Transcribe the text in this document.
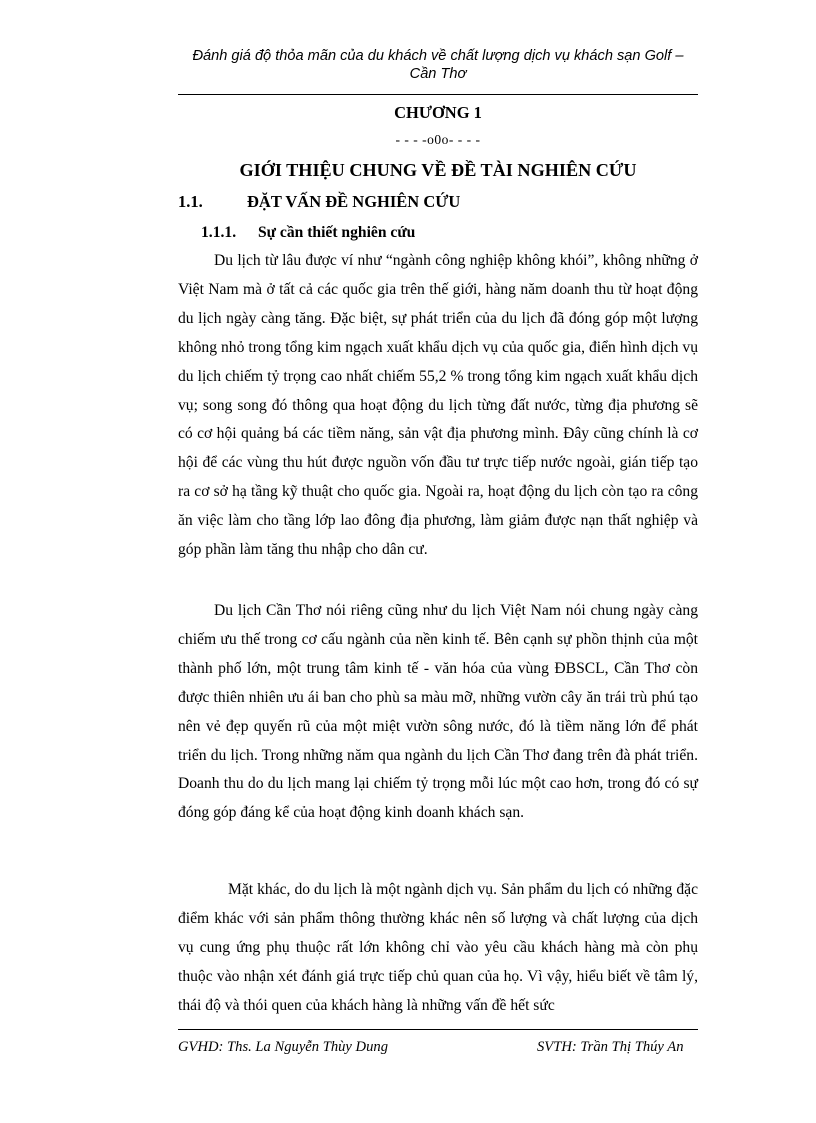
Đánh giá độ thỏa mãn của du khách về chất lượng dịch vụ khách sạn Golf – Cần Thơ
CHƯƠNG 1
- - - -o0o- - - -
GIỚI THIỆU CHUNG VỀ ĐỀ TÀI NGHIÊN CỨU
1.1.	ĐẶT VẤN ĐỀ NGHIÊN CỨU
1.1.1. Sự cần thiết nghiên cứu

Du lịch từ lâu được ví như “ngành công nghiệp không khói”, không những ở Việt Nam mà ở tất cả các quốc gia trên thế giới, hàng năm doanh thu từ hoạt động du lịch ngày càng tăng. Đặc biệt, sự phát triển của du lịch đã đóng góp một lượng không nhỏ trong tổng kim ngạch xuất khẩu dịch vụ của quốc gia, điển hình dịch vụ du lịch chiếm tỷ trọng cao nhất chiếm 55,2 % trong tổng kim ngạch xuất khẩu dịch vụ; song song đó thông qua hoạt động du lịch từng đất nước, từng địa phương sẽ có cơ hội quảng bá các tiềm năng, sản vật địa phương mình. Đây cũng chính là cơ hội để các vùng thu hút được nguồn vốn đầu tư trực tiếp nước ngoài, gián tiếp tạo ra cơ sở hạ tầng kỹ thuật cho quốc gia. Ngoài ra, hoạt động du lịch còn tạo ra công ăn việc làm cho tầng lớp lao đông địa phương, làm giảm được nạn thất nghiệp và góp phần làm tăng thu nhập cho dân cư.

Du lịch Cần Thơ nói riêng cũng như du lịch Việt Nam nói chung ngày càng chiếm ưu thế trong cơ cấu ngành của nền kinh tế. Bên cạnh sự phồn thịnh của một thành phố lớn, một trung tâm kinh tế - văn hóa của vùng ĐBSCL, Cần Thơ còn được thiên nhiên ưu ái ban cho phù sa màu mỡ, những vườn cây ăn trái trù phú tạo nên vẻ đẹp quyến rũ của một miệt vườn sông nước, đó là tiềm năng lớn để phát triển du lịch. Trong những năm qua ngành du lịch Cần Thơ đang trên đà phát triển. Doanh thu do du lịch mang lại chiếm tỷ trọng mỗi lúc một cao hơn, trong đó có sự đóng góp đáng kể của hoạt động kinh doanh khách sạn.

Mặt khác, do du lịch là một ngành dịch vụ. Sản phẩm du lịch có những đặc điểm khác với sản phẩm thông thường khác nên số lượng và chất lượng của dịch vụ cung ứng phụ thuộc rất lớn không chỉ vào yêu cầu khách hàng mà còn phụ thuộc vào nhận xét đánh giá trực tiếp chủ quan của họ. Vì vậy, hiểu biết về tâm lý, thái độ và thói quen của khách hàng là những vấn đề hết sức

GVHD: Ths. La Nguyễn Thùy Dung	SVTH: Trần Thị Thúy An
